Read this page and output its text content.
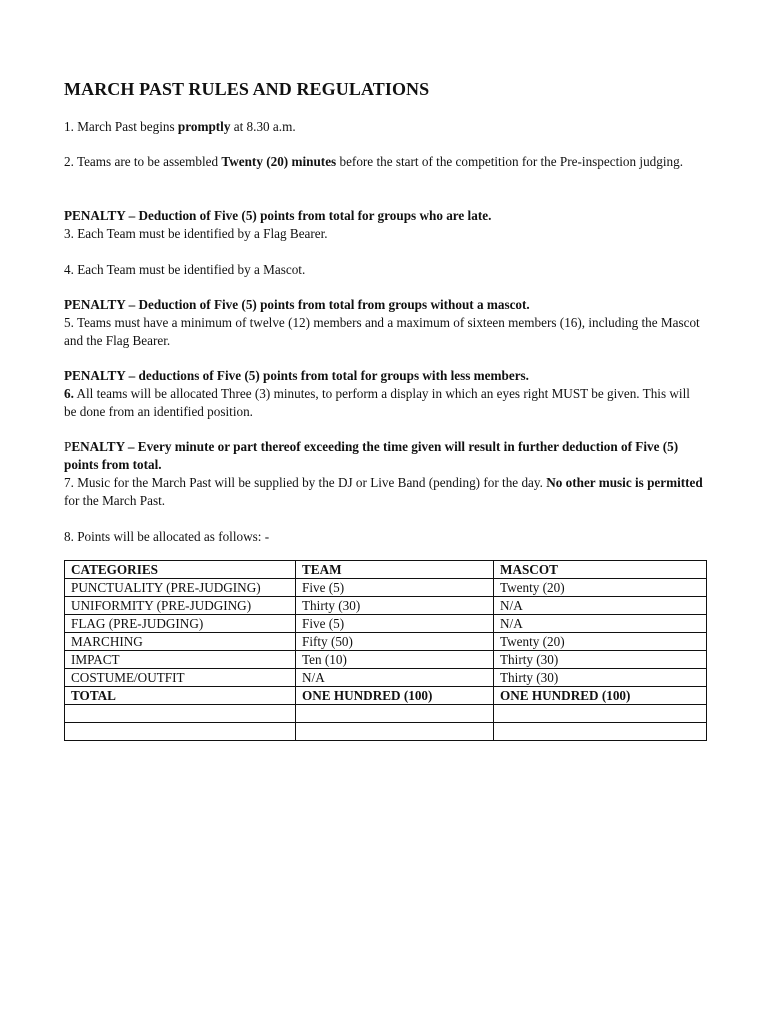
MARCH PAST RULES AND REGULATIONS
1. March Past begins promptly at 8.30 a.m.
2. Teams are to be assembled Twenty (20) minutes before the start of the competition for the Pre-inspection judging.
PENALTY – Deduction of Five (5) points from total for groups who are late.
3. Each Team must be identified by a Flag Bearer.
4. Each Team must be identified by a Mascot.
PENALTY – Deduction of Five (5) points from total from groups without a mascot.
5. Teams must have a minimum of twelve (12) members and a maximum of sixteen members (16), including the Mascot and the Flag Bearer.
PENALTY – deductions of Five (5) points from total for groups with less members.
6. All teams will be allocated Three (3) minutes, to perform a display in which an eyes right MUST be given. This will be done from an identified position.
PENALTY – Every minute or part thereof exceeding the time given will result in further deduction of Five (5) points from total.
7. Music for the March Past will be supplied by the DJ or Live Band (pending) for the day. No other music is permitted for the March Past.
8. Points will be allocated as follows: -
CATEGORIES	TEAM	MASCOT
PUNCTUALITY (PRE-JUDGING)	Five (5)	Twenty (20)
UNIFORMITY (PRE-JUDGING)	Thirty (30)	N/A
FLAG (PRE-JUDGING)	Five (5)	N/A
MARCHING	Fifty (50)	Twenty (20)
IMPACT	Ten (10)	Thirty (30)
COSTUME/OUTFIT	N/A	Thirty (30)
TOTAL	ONE HUNDRED (100)	ONE HUNDRED (100)
